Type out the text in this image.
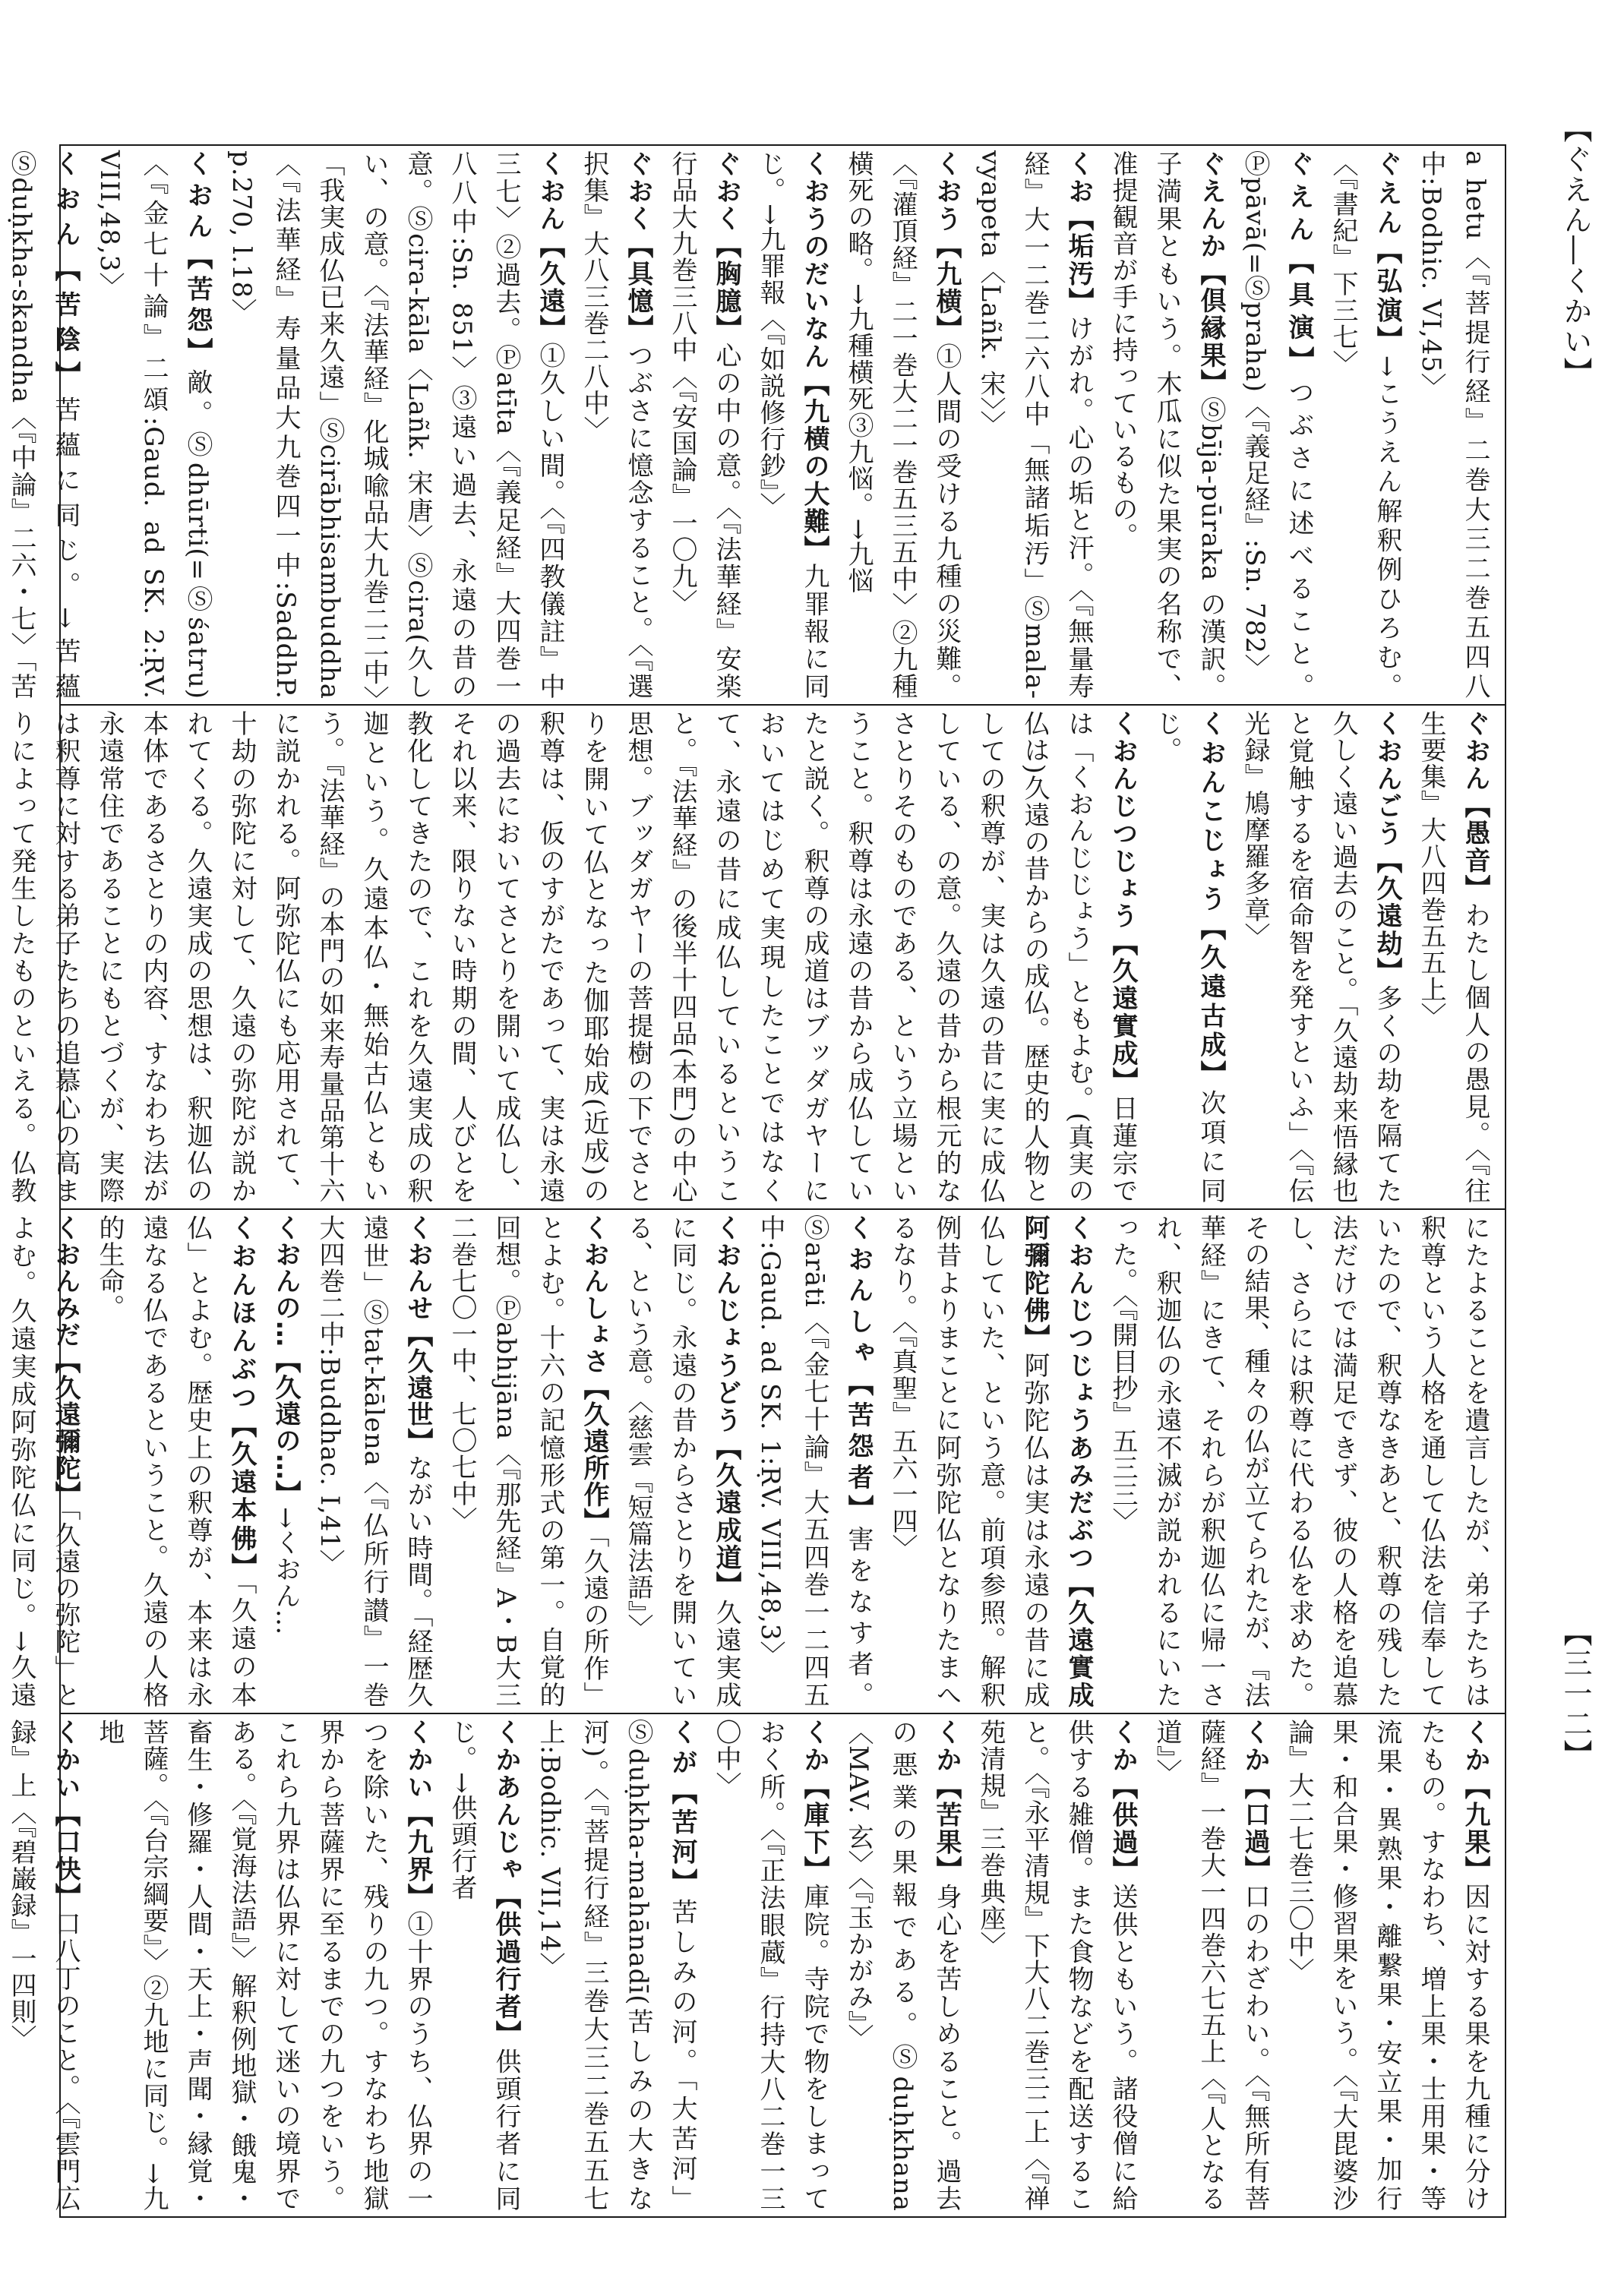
【ぐえん―くかい】
【三一二】

a hetu〈『菩提行経』二巻大三二巻五四八中:Bodhic. VI,45〉

ぐえん【弘演】→こうえん解釈例ひろむ。〈『書紀』下三七〉

ぐえん【具演】つぶさに述べること。Ⓟpāvā(=Ⓢpraha)〈『義足経』:Sn. 782〉

ぐえんか【倶縁果】Ⓢbīja-pūraka の漢訳。子満果ともいう。木瓜に似た果実の名称で、准提観音が手に持っているもの。

くお【垢汚】けがれ。心の垢と汗。〈『無量寿経』大一二巻二六八中「無諸垢汚」Ⓢmala-vyapeta〈Lañk. 宋〉〉

くおう【九横】①人間の受ける九種の災難。〈『灌頂経』二一巻大二一巻五三五中〉②九種横死の略。→九種横死③九悩。→九悩

くおうのだいなん【九横の大難】九罪報に同じ。→九罪報〈『如説修行鈔』〉

ぐおく【胸臆】心の中の意。〈『法華経』安楽行品大九巻三八中〈『安国論』一〇九〉

ぐおく【具憶】つぶさに憶念すること。〈『選択集』大八三巻二八中〉

くおん【久遠】①久しい間。〈『四教儀註』中三七〉②過去。Ⓟatīta〈『義足経』大四巻一八八中:Sn. 851〉③遠い過去、永遠の昔の意。Ⓢcira-kāla〈Lañk. 宋唐〉Ⓢcira(久しい、の意。〈『法華経』化城喩品大九巻二二中〉「我実成仏已来久遠」Ⓢcirābhisambuddha〈『法華経』寿量品大九巻四一中:SaddhP. p.270, l.18〉

くおん【苦怨】敵。Ⓢdhūrti(=Ⓢśatru)〈『金七十論』二頌:Gaud. ad SK. 2:ṚV. VIII,48,3〉

くおん【苦陰】苦蘊に同じ。→苦蘊Ⓢduḥkha-skandha〈『中論』二六・七〉「苦

ぐおん【愚音】わたし個人の愚見。〈『往生要集』大八四巻五五上〉

くおんごう【久遠劫】多くの劫を隔てた久しく遠い過去のこと。「久遠劫来悟縁也と覚触するを宿命智を発すといふ」〈『伝光録』鳩摩羅多章〉

くおんこじょう【久遠古成】次項に同じ。

くおんじつじょう【久遠實成】日蓮宗では「くおんじじょう」ともよむ。(真実の仏は)久遠の昔からの成仏。歴史的人物としての釈尊が、実は久遠の昔に実に成仏している、の意。久遠の昔から根元的なさとりそのものである、という立場ということ。釈尊は永遠の昔から成仏していたと説く。釈尊の成道はブッダガヤーにおいてはじめて実現したことではなくて、永遠の昔に成仏しているということ。『法華経』の後半十四品(本門)の中心思想。ブッダガヤーの菩提樹の下でさとりを開いて仏となった伽耶始成(近成)の釈尊は、仮のすがたであって、実は永遠の過去においてさとりを開いて成仏し、それ以来、限りない時期の間、人びとを教化してきたので、これを久遠実成の釈迦という。久遠本仏・無始古仏ともいう。『法華経』の本門の如来寿量品第十六に説かれる。阿弥陀仏にも応用されて、十劫の弥陀に対して、久遠の弥陀が説かれてくる。久遠実成の思想は、釈迦仏の本体であるさとりの内容、すなわち法が永遠常住であることにもとづくが、実際は釈尊に対する弟子たちの追慕心の高まりによって発生したものといえる。仏教

にたよることを遺言したが、弟子たちは釈尊という人格を通して仏法を信奉していたので、釈尊なきあと、釈尊の残した法だけでは満足できず、彼の人格を追慕し、さらには釈尊に代わる仏を求めた。その結果、種々の仏が立てられたが、『法華経』にきて、それらが釈迦仏に帰一され、釈迦仏の永遠不滅が説かれるにいたった。〈『開目抄』五三三〉

くおんじつじょうあみだぶつ【久遠實成阿彌陀佛】阿弥陀仏は実は永遠の昔に成仏していた、という意。前項参照。解釈例昔よりまことに阿弥陀仏となりたまへるなり。〈『真聖』五六一四〉

くおんしゃ【苦怨者】害をなす者。Ⓢarāti〈『金七十論』大五四巻一二四五中:Gaud. ad SK. 1:ṚV. VIII,48,3〉

くおんじょうどう【久遠成道】久遠実成に同じ。永遠の昔からさとりを開いている、という意。〈慈雲『短篇法語』〉

くおんしょさ【久遠所作】「久遠の所作」とよむ。十六の記憶形式の第一。自覚的回想。Ⓟabhijāna〈『那先経』A・B大三二巻七〇一中、七〇七中〉

くおんせ【久遠世】ながい時間。「経歴久遠世」Ⓢtat-kālena〈『仏所行讃』一巻大四巻二中:Buddhac. I,41〉

くおんの…【久遠の…】→くおん…

くおんほんぶつ【久遠本佛】「久遠の本仏」とよむ。歴史上の釈尊が、本来は永遠なる仏であるということ。久遠の人格的生命。

くおんみだ【久遠彌陀】「久遠の弥陀」とよむ。久遠実成阿弥陀仏に同じ。→久遠

くか【九果】因に対する果を九種に分けたもの。すなわち、増上果・士用果・等流果・異熟果・離繋果・安立果・加行果・和合果・修習果をいう。〈『大毘婆沙論』大二七巻三〇中〉

くか【口過】口のわざわい。〈『無所有菩薩経』一巻大一四巻六七五上〈『人となる道』〉

くか【供過】送供ともいう。諸役僧に給供する雑僧。また食物などを配送すること。〈『永平清規』下大八二巻三二上〈『禅苑清規』三巻典座〉

くか【苦果】身心を苦しめること。過去の悪業の果報である。Ⓢduḥkhana〈MAV. 玄〉〈『玉かがみ』〉

くか【庫下】庫院。寺院で物をしまっておく所。〈『正法眼蔵』行持大八二巻一三〇中〉

くが【苦河】苦しみの河。「大苦河」Ⓢduḥkha-mahānadī(苦しみの大きな河)。〈『菩提行経』三巻大三二巻五五七上:Bodhic. VII,14〉

くかあんじゃ【供過行者】供頭行者に同じ。→供頭行者

くかい【九界】①十界のうち、仏界の一つを除いた、残りの九つ。すなわち地獄界から菩薩界に至るまでの九つをいう。これら九界は仏界に対して迷いの境界である。〈『覚海法語』〉解釈例地獄・餓鬼・畜生・修羅・人間・天上・声聞・縁覚・菩薩。〈『台宗綱要』〉②九地に同じ。→九地

くかい【口快】口八丁のこと。〈『雲門広録』上〈『碧巌録』一四則〉
